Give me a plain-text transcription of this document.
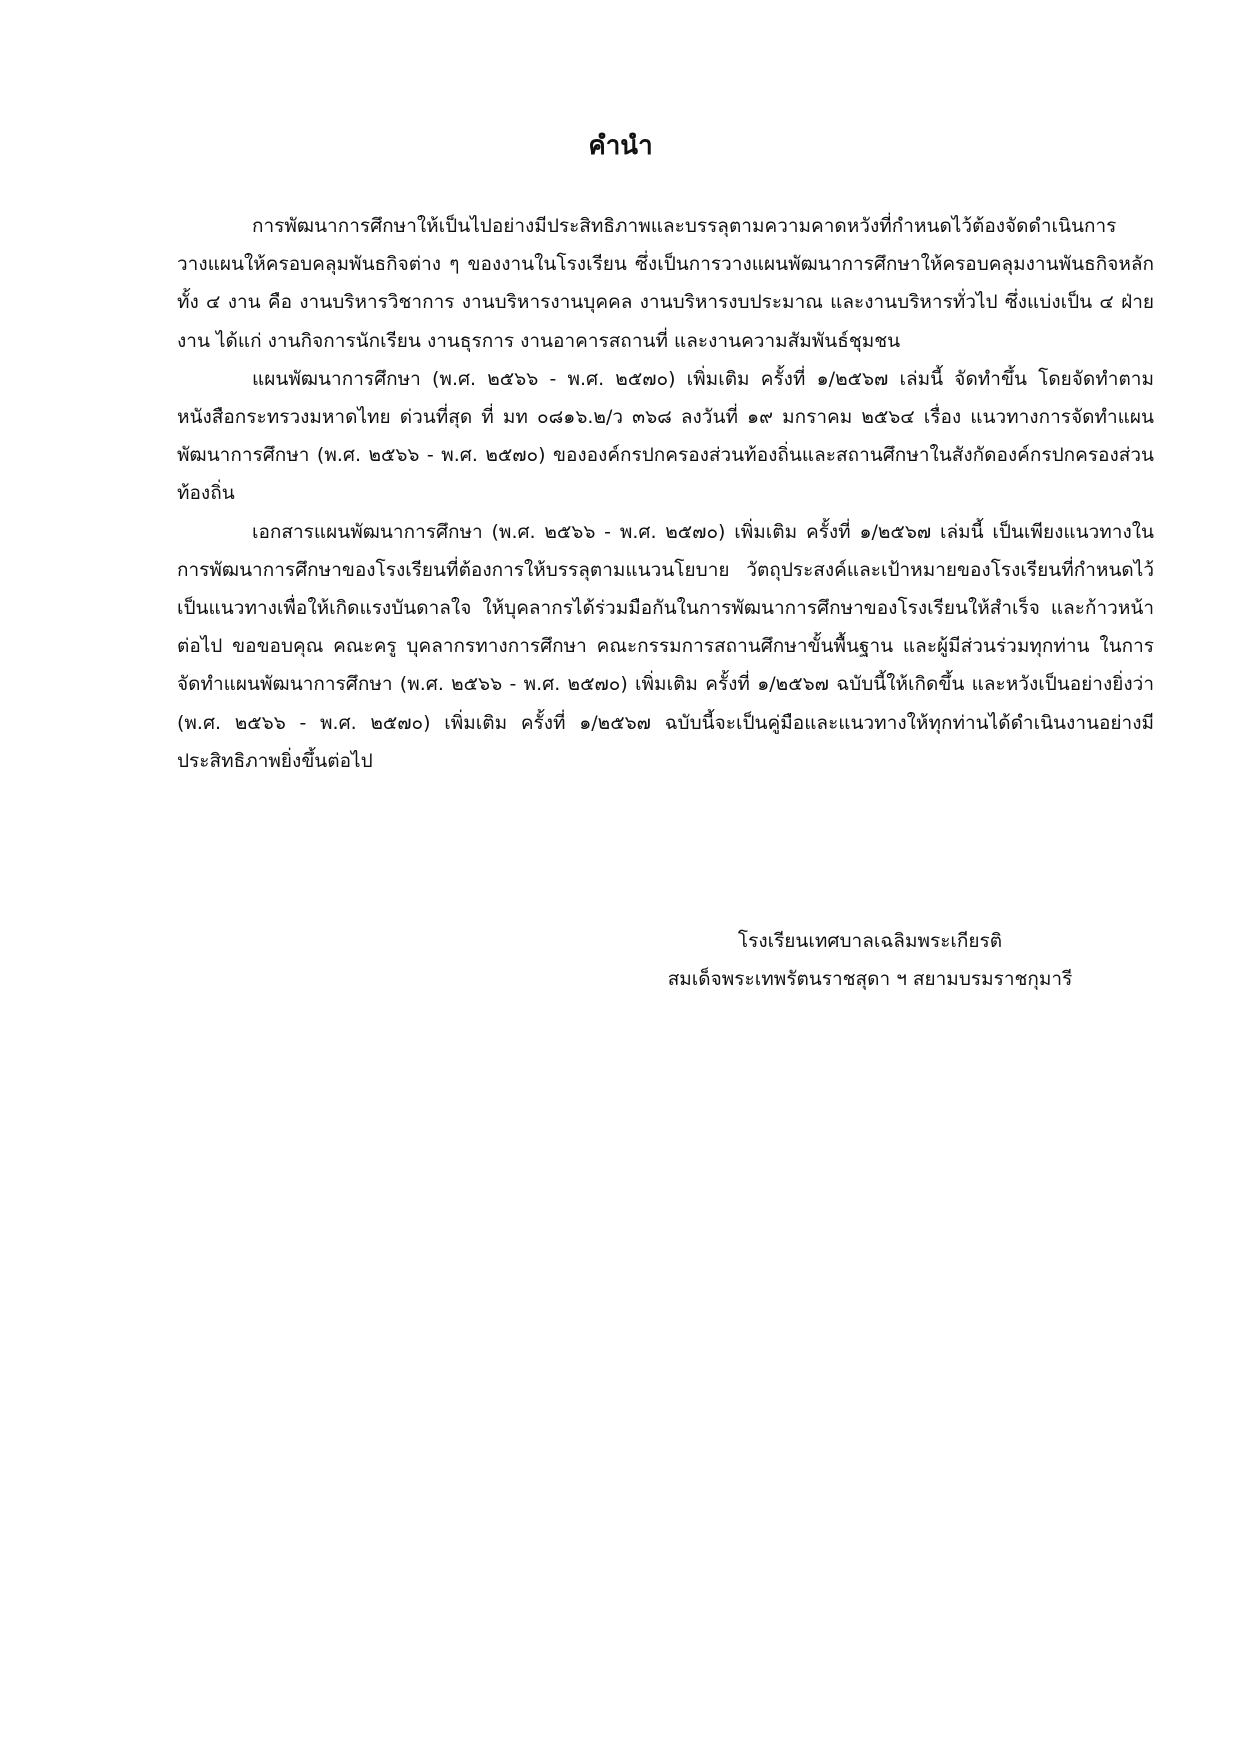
คำนำ

การพัฒนาการศึกษาให้เป็นไปอย่างมีประสิทธิภาพและบรรลุตามความคาดหวังที่กำหนดไว้ต้องจัดดำเนินการวางแผนให้ครอบคลุมพันธกิจต่าง ๆ ของงานในโรงเรียน ซึ่งเป็นการวางแผนพัฒนาการศึกษาให้ครอบคลุมงานพันธกิจหลัก ทั้ง ๔ งาน คือ งานบริหารวิชาการ งานบริหารงานบุคคล งานบริหารงบประมาณ และงานบริหารทั่วไป ซึ่งแบ่งเป็น ๔ ฝ่ายงาน ได้แก่ งานกิจการนักเรียน งานธุรการ งานอาคารสถานที่ และงานความสัมพันธ์ชุมชน

แผนพัฒนาการศึกษา (พ.ศ. ๒๕๖๖ - พ.ศ. ๒๕๗๐) เพิ่มเติม ครั้งที่ ๑/๒๕๖๗ เล่มนี้ จัดทำขึ้น โดยจัดทำตามหนังสือกระทรวงมหาดไทย ด่วนที่สุด ที่ มท ๐๘๑๖.๒/ว ๓๖๘ ลงวันที่ ๑๙ มกราคม ๒๕๖๔ เรื่อง แนวทางการจัดทำแผนพัฒนาการศึกษา (พ.ศ. ๒๕๖๖ - พ.ศ. ๒๕๗๐) ขององค์กรปกครองส่วนท้องถิ่นและสถานศึกษาในสังกัดองค์กรปกครองส่วนท้องถิ่น

เอกสารแผนพัฒนาการศึกษา (พ.ศ. ๒๕๖๖ - พ.ศ. ๒๕๗๐) เพิ่มเติม ครั้งที่ ๑/๒๕๖๗ เล่มนี้ เป็นเพียงแนวทางในการพัฒนาการศึกษาของโรงเรียนที่ต้องการให้บรรลุตามแนวนโยบาย วัตถุประสงค์และเป้าหมายของโรงเรียนที่กำหนดไว้เป็นแนวทางเพื่อให้เกิดแรงบันดาลใจ ให้บุคลากรได้ร่วมมือกันในการพัฒนาการศึกษาของโรงเรียนให้สำเร็จ และก้าวหน้าต่อไป ขอขอบคุณ คณะครู บุคลากรทางการศึกษา คณะกรรมการสถานศึกษาขั้นพื้นฐาน และผู้มีส่วนร่วมทุกท่าน ในการจัดทำแผนพัฒนาการศึกษา (พ.ศ. ๒๕๖๖ - พ.ศ. ๒๕๗๐) เพิ่มเติม ครั้งที่ ๑/๒๕๖๗ ฉบับนี้ให้เกิดขึ้น และหวังเป็นอย่างยิ่งว่า (พ.ศ. ๒๕๖๖ - พ.ศ. ๒๕๗๐) เพิ่มเติม ครั้งที่ ๑/๒๕๖๗ ฉบับนี้จะเป็นคู่มือและแนวทางให้ทุกท่านได้ดำเนินงานอย่างมีประสิทธิภาพยิ่งขึ้นต่อไป

โรงเรียนเทศบาลเฉลิมพระเกียรติ
สมเด็จพระเทพรัตนราชสุดา ฯ สยามบรมราชกุมารี
